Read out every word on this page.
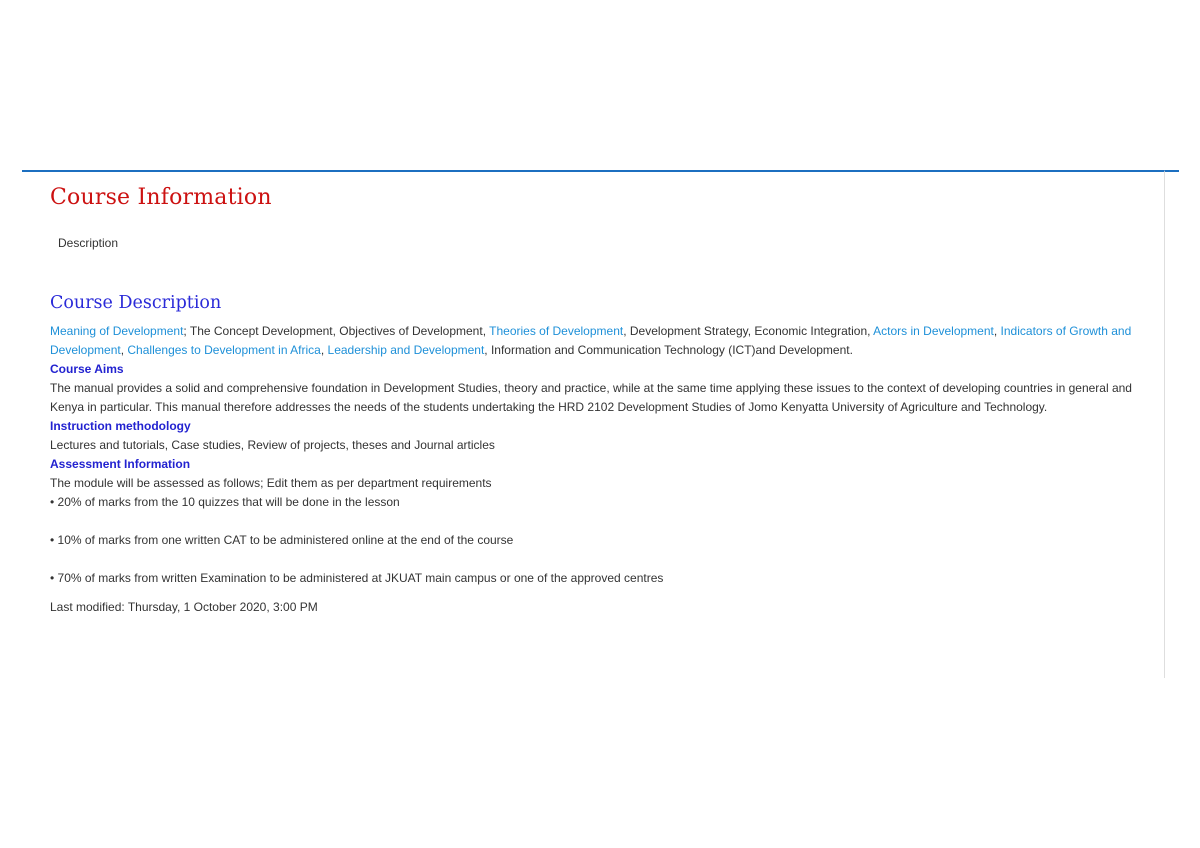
Course Information
Description
Course Description

Meaning of Development; The Concept Development, Objectives of Development, Theories of Development, Development Strategy, Economic Integration, Actors in Development, Indicators of Growth and Development, Challenges to Development in Africa, Leadership and Development, Information and Communication Technology (ICT)and Development.

Course Aims

The manual provides a solid and comprehensive foundation in Development Studies, theory and practice, while at the same time applying these issues to the context of developing countries in general and Kenya in particular. This manual therefore addresses the needs of the students undertaking the HRD 2102 Development Studies of Jomo Kenyatta University of Agriculture and Technology.

Instruction methodology

Lectures and tutorials, Case studies, Review of projects, theses and Journal articles

Assessment Information

The module will be assessed as follows; Edit them as per department requirements

• 20% of marks from the 10 quizzes that will be done in the lesson

• 10% of marks from one written CAT to be administered online at the end of the course

• 70% of marks from written Examination to be administered at JKUAT main campus or one of the approved centres

Last modified: Thursday, 1 October 2020, 3:00 PM
